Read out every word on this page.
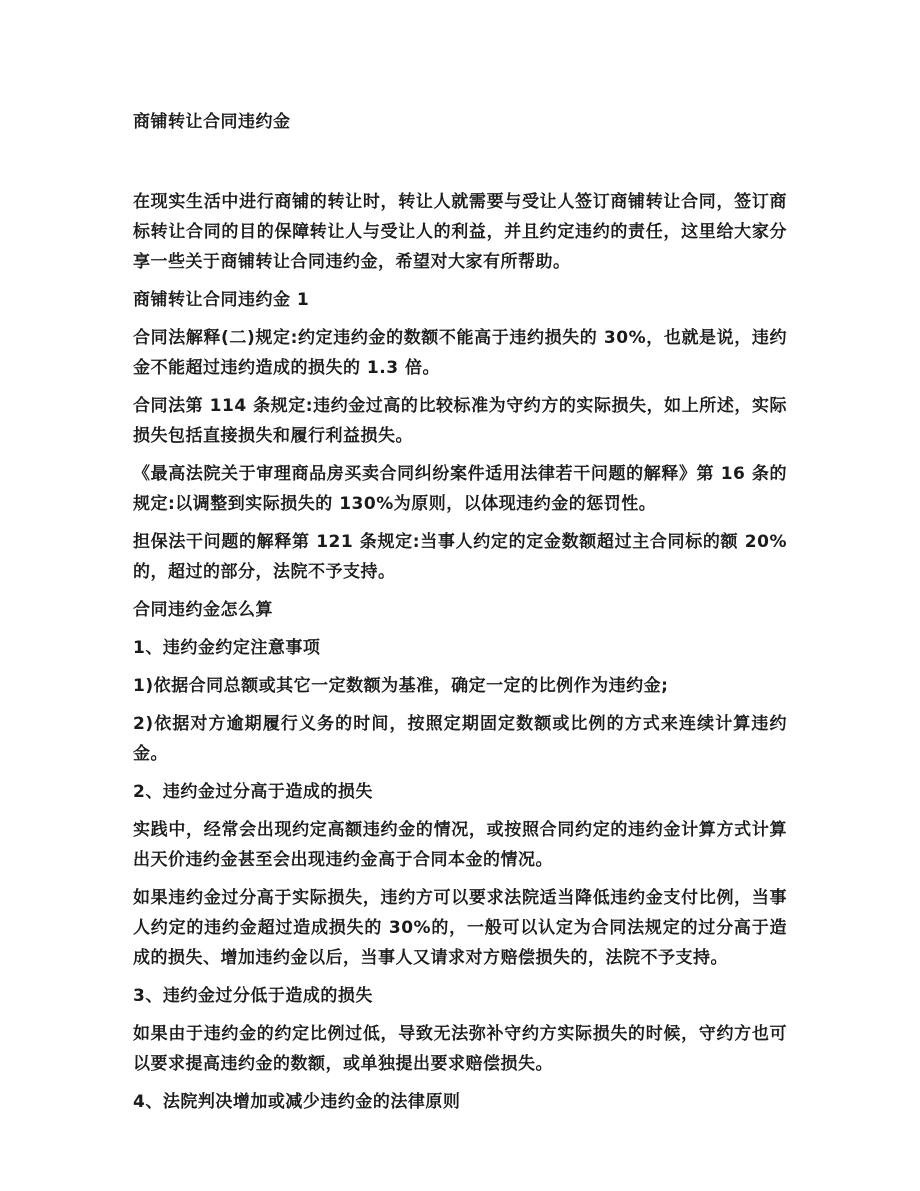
商铺转让合同违约金
在现实生活中进行商铺的转让时，转让人就需要与受让人签订商铺转让合同，签订商标转让合同的目的保障转让人与受让人的利益，并且约定违约的责任，这里给大家分享一些关于商铺转让合同违约金，希望对大家有所帮助。
商铺转让合同违约金 1
合同法解释(二)规定:约定违约金的数额不能高于违约损失的 30%，也就是说，违约金不能超过违约造成的损失的 1.3 倍。
合同法第 114 条规定:违约金过高的比较标准为守约方的实际损失，如上所述，实际损失包括直接损失和履行利益损失。
《最高法院关于审理商品房买卖合同纠纷案件适用法律若干问题的解释》第 16 条的规定:以调整到实际损失的 130%为原则，以体现违约金的惩罚性。
担保法干问题的解释第 121 条规定:当事人约定的定金数额超过主合同标的额 20%的，超过的部分，法院不予支持。
合同违约金怎么算
1、违约金约定注意事项
1)依据合同总额或其它一定数额为基准，确定一定的比例作为违约金;
2)依据对方逾期履行义务的时间，按照定期固定数额或比例的方式来连续计算违约金。
2、违约金过分高于造成的损失
实践中，经常会出现约定高额违约金的情况，或按照合同约定的违约金计算方式计算出天价违约金甚至会出现违约金高于合同本金的情况。
如果违约金过分高于实际损失，违约方可以要求法院适当降低违约金支付比例，当事人约定的违约金超过造成损失的 30%的，一般可以认定为合同法规定的过分高于造成的损失、增加违约金以后，当事人又请求对方赔偿损失的，法院不予支持。
3、违约金过分低于造成的损失
如果由于违约金的约定比例过低，导致无法弥补守约方实际损失的时候，守约方也可以要求提高违约金的数额，或单独提出要求赔偿损失。
4、法院判决增加或减少违约金的法律原则
